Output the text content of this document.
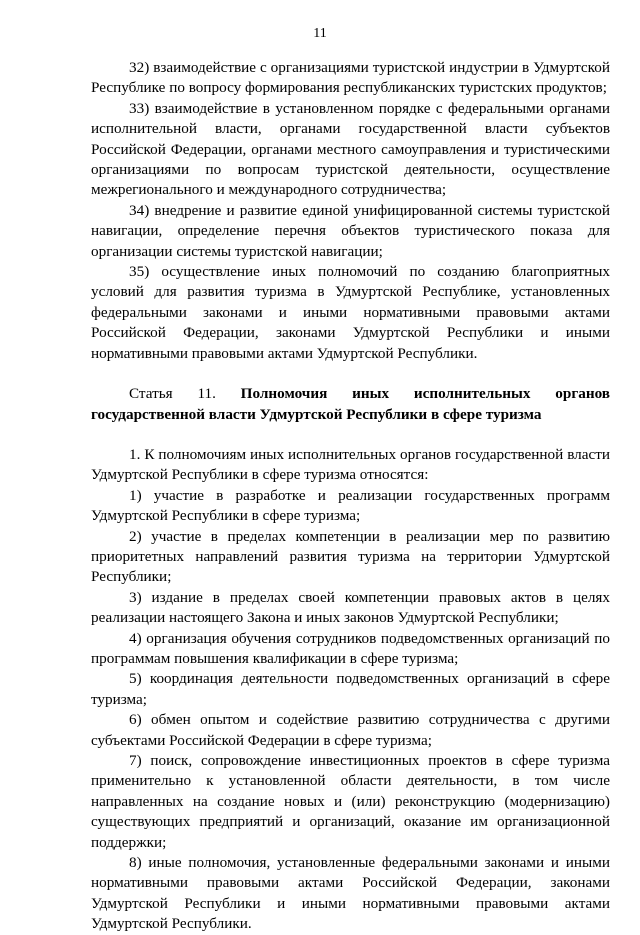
11

32) взаимодействие с организациями туристской индустрии в Удмуртской Республике по вопросу формирования республиканских туристских продуктов;

33) взаимодействие в установленном порядке с федеральными органами исполнительной власти, органами государственной власти субъектов Российской Федерации, органами местного самоуправления и туристическими организациями по вопросам туристской деятельности, осуществление межрегионального и международного сотрудничества;

34) внедрение и развитие единой унифицированной системы туристской навигации, определение перечня объектов туристического показа для организации системы туристской навигации;

35) осуществление иных полномочий по созданию благоприятных условий для развития туризма в Удмуртской Республике, установленных федеральными законами и иными нормативными правовыми актами Российской Федерации, законами Удмуртской Республики и иными нормативными правовыми актами Удмуртской Республики.

Статья 11. Полномочия иных исполнительных органов государственной власти Удмуртской Республики в сфере туризма

1. К полномочиям иных исполнительных органов государственной власти Удмуртской Республики в сфере туризма относятся:

1) участие в разработке и реализации государственных программ Удмуртской Республики в сфере туризма;

2) участие в пределах компетенции в реализации мер по развитию приоритетных направлений развития туризма на территории Удмуртской Республики;

3) издание в пределах своей компетенции правовых актов в целях реализации настоящего Закона и иных законов Удмуртской Республики;

4) организация обучения сотрудников подведомственных организаций по программам повышения квалификации в сфере туризма;

5) координация деятельности подведомственных организаций в сфере туризма;

6) обмен опытом и содействие развитию сотрудничества с другими субъектами Российской Федерации в сфере туризма;

7) поиск, сопровождение инвестиционных проектов в сфере туризма применительно к установленной области деятельности, в том числе направленных на создание новых и (или) реконструкцию (модернизацию) существующих предприятий и организаций, оказание им организационной поддержки;

8) иные полномочия, установленные федеральными законами и иными нормативными правовыми актами Российской Федерации, законами Удмуртской Республики и иными нормативными правовыми актами Удмуртской Республики.
